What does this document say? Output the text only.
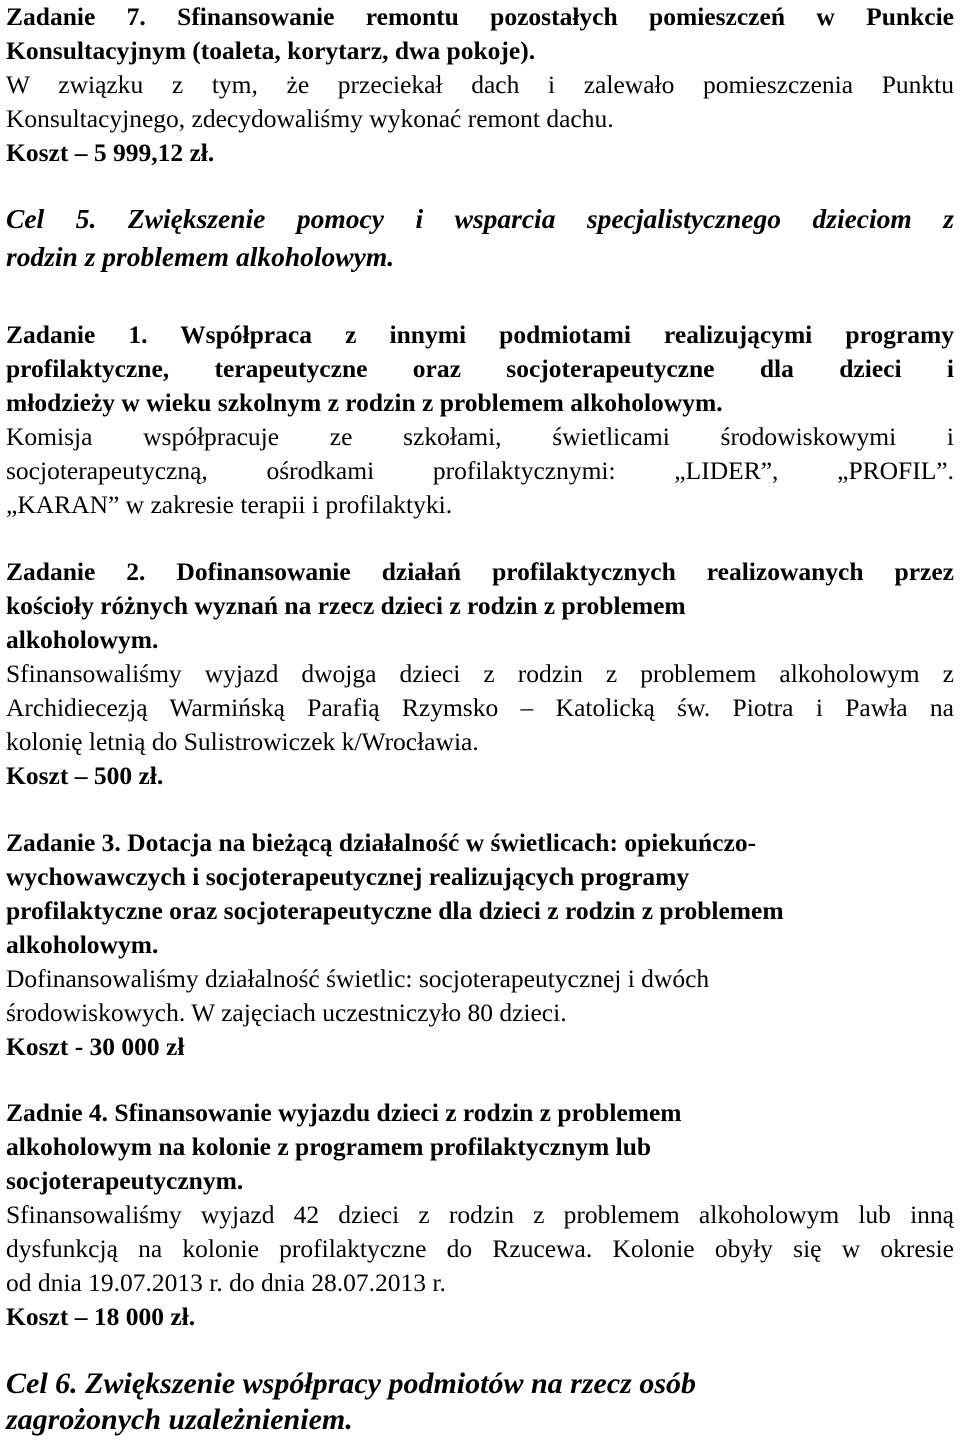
Zadanie 7. Sfinansowanie remontu pozostałych pomieszczeń w Punkcie
Konsultacyjnym (toaleta, korytarz, dwa pokoje).
W związku z tym, że przeciekał dach i zalewało pomieszczenia Punktu
Konsultacyjnego, zdecydowaliśmy wykonać remont dachu.
Koszt – 5 999,12 zł.
Cel 5. Zwiększenie pomocy i wsparcia specjalistycznego dzieciom z
rodzin z problemem alkoholowym.
Zadanie 1. Współpraca z innymi podmiotami realizującymi programy
profilaktyczne, terapeutyczne oraz socjoterapeutyczne dla dzieci i
młodzieży w wieku szkolnym z rodzin z problemem alkoholowym.
Komisja współpracuje ze szkołami, świetlicami środowiskowymi i
socjoterapeutyczną, ośrodkami profilaktycznymi: „LIDER”, „PROFIL”.
„KARAN” w zakresie terapii i profilaktyki.
Zadanie 2. Dofinansowanie działań profilaktycznych realizowanych przez
kościoły różnych wyznań na rzecz dzieci z rodzin z problemem
alkoholowym.
Sfinansowaliśmy wyjazd dwojga dzieci z rodzin z problemem alkoholowym z
Archidiecezją Warmińską Parafią Rzymsko – Katolicką św. Piotra i Pawła na
kolonię letnią do Sulistrowiczek k/Wrocławia.
Koszt – 500 zł.
Zadanie 3. Dotacja na bieżącą działalność w świetlicach: opiekuńczo-
wychowawczych i socjoterapeutycznej realizujących programy
profilaktyczne oraz socjoterapeutyczne dla dzieci z rodzin z problemem
alkoholowym.
Dofinansowaliśmy działalność świetlic: socjoterapeutycznej i dwóch
środowiskowych. W zajęciach uczestniczyło 80 dzieci.
Koszt - 30 000 zł
Zadnie 4. Sfinansowanie wyjazdu dzieci z rodzin z problemem
alkoholowym na kolonie z programem profilaktycznym lub
socjoterapeutycznym.
Sfinansowaliśmy wyjazd 42 dzieci z rodzin z problemem alkoholowym lub inną
dysfunkcją na kolonie profilaktyczne do Rzucewa. Kolonie obyły się w okresie
od dnia 19.07.2013 r. do dnia 28.07.2013 r.
Koszt – 18 000 zł.
Cel 6. Zwiększenie współpracy podmiotów na rzecz osób
zagrożonych uzależnieniem.
